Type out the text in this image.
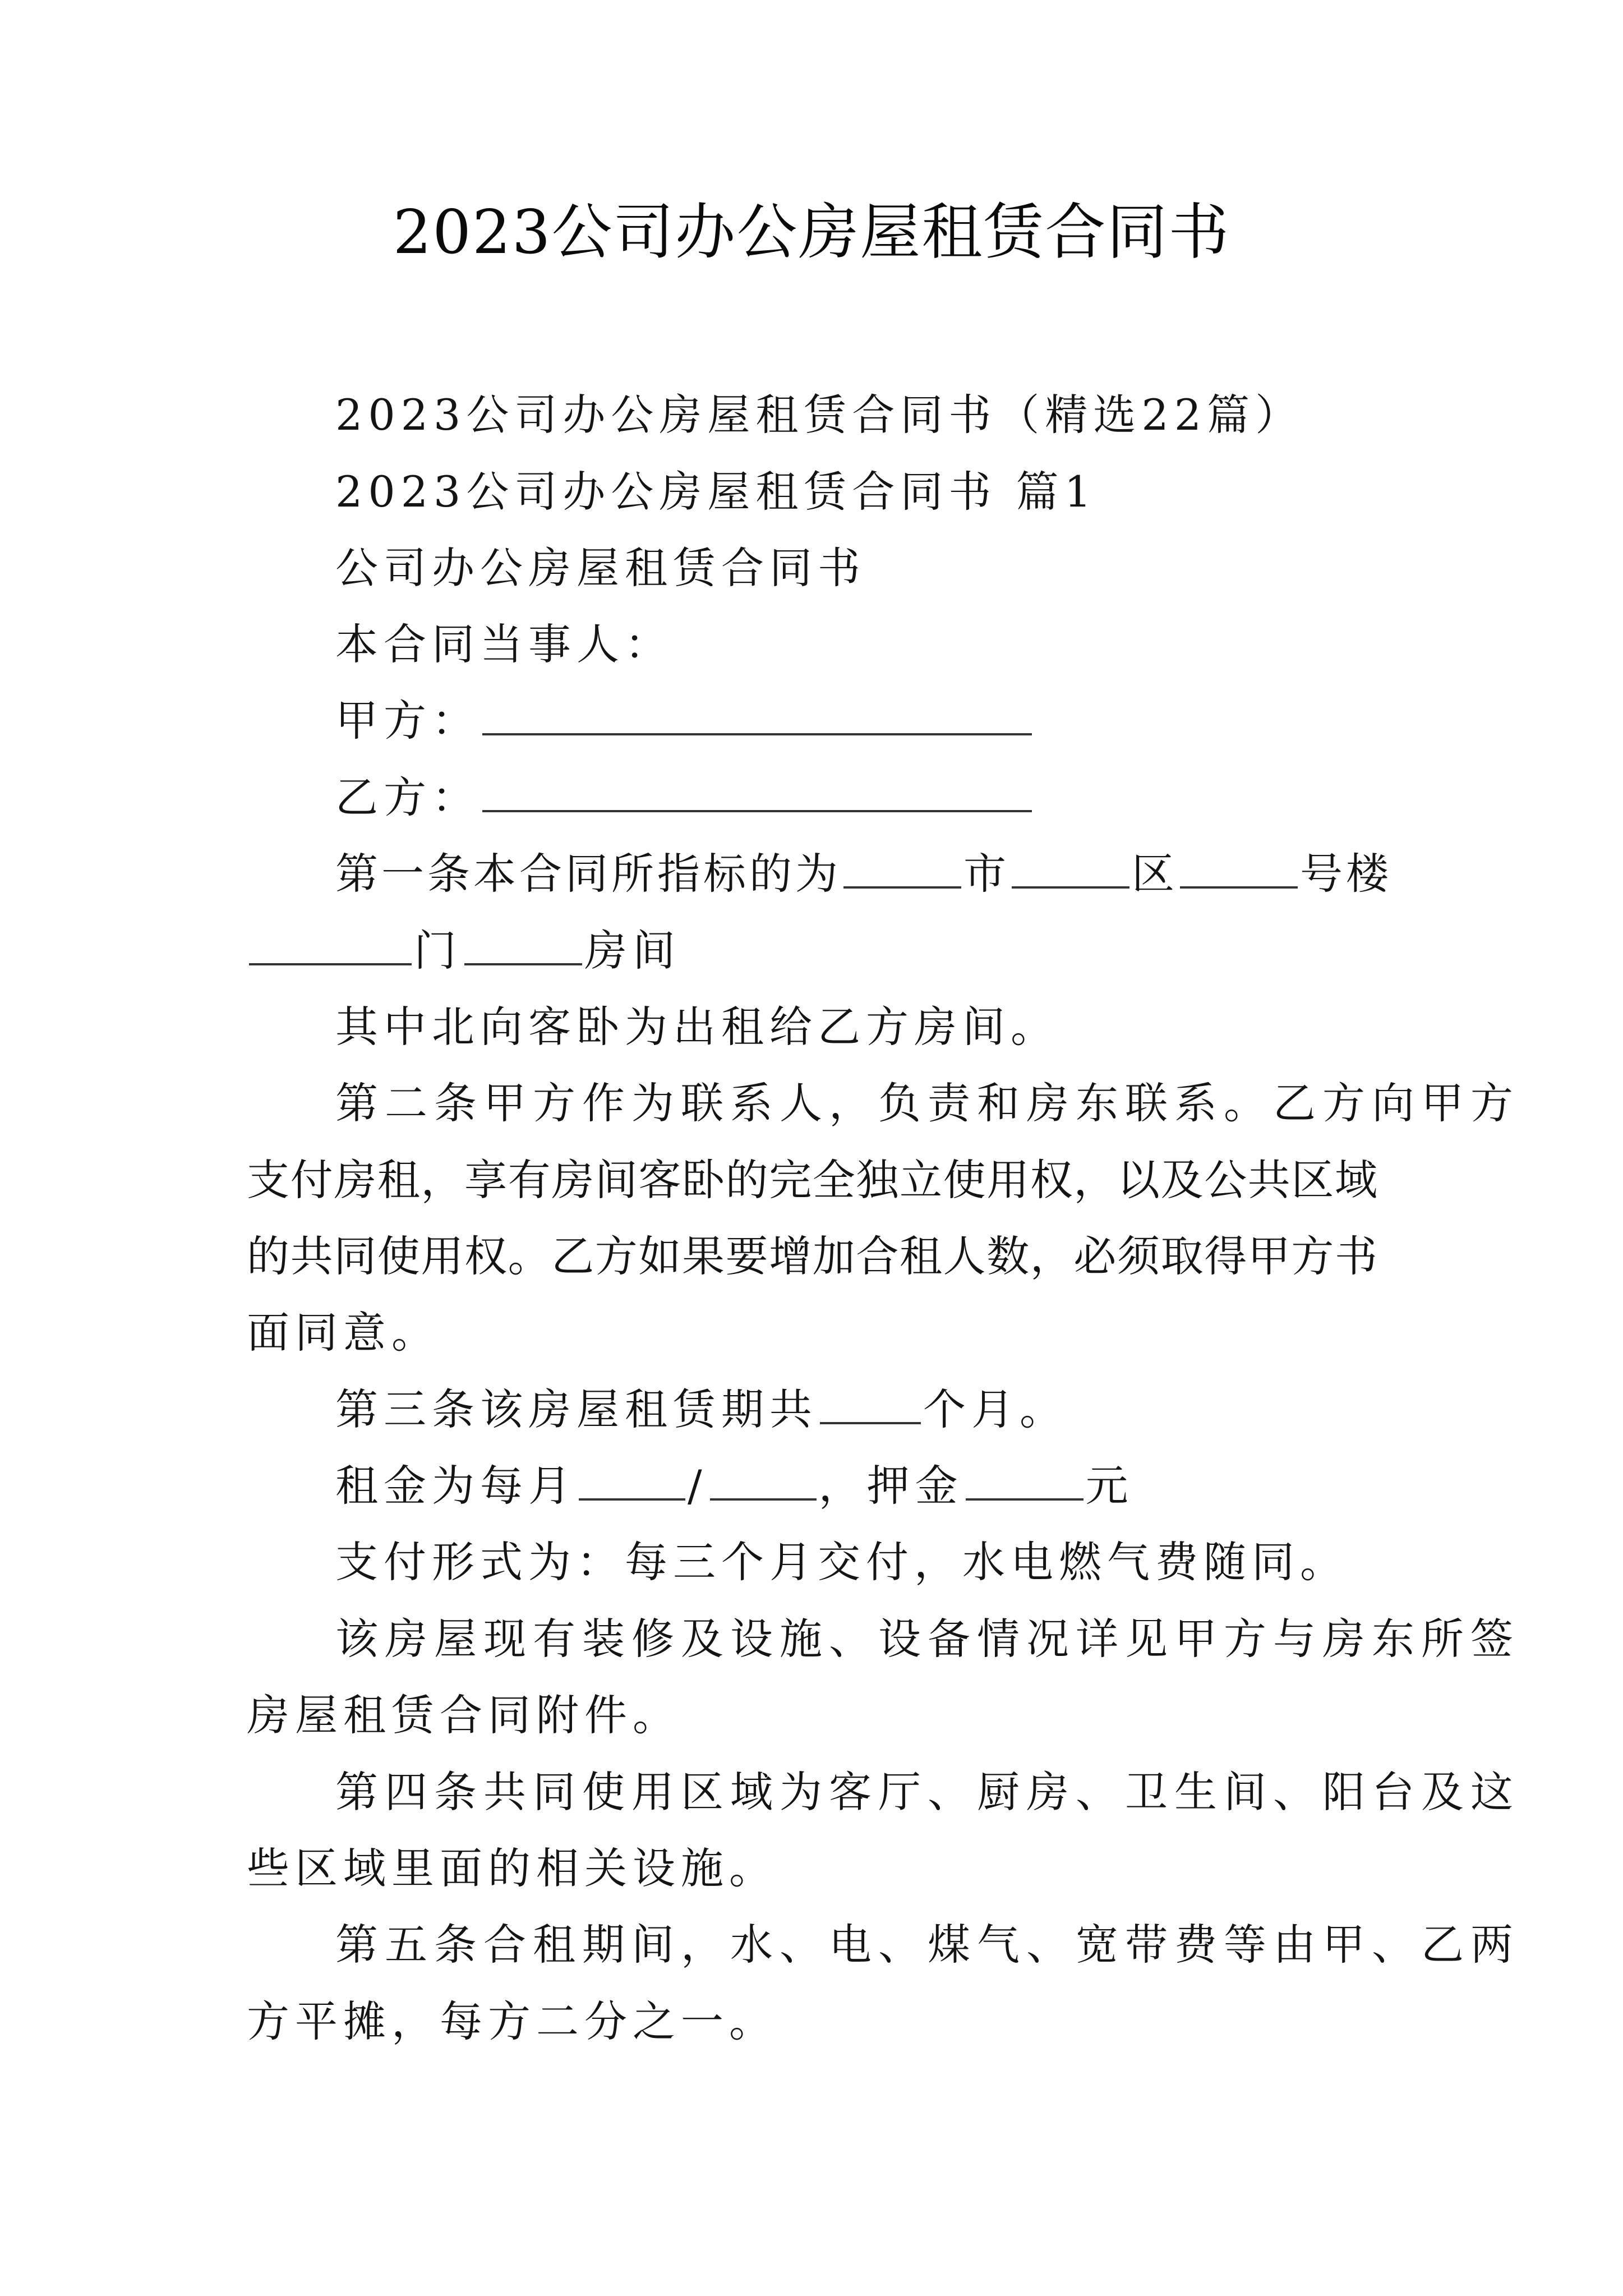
2023公司办公房屋租赁合同书
2023公司办公房屋租赁合同书（精选22篇）
2023公司办公房屋租赁合同书 篇1
公司办公房屋租赁合同书
本合同当事人：
甲方：
乙方：
第一条本合同所指标的为	市	区	号楼
门	房间
其中北向客卧为出租给乙方房间。
第二条甲方作为联系人，负责和房东联系。乙方向甲方
支付房租，享有房间客卧的完全独立使用权，以及公共区域
的共同使用权。乙方如果要增加合租人数，必须取得甲方书
面同意。
第三条该房屋租赁期共 个月。
租金为每月	/	，押金	元
支付形式为：每三个月交付，水电燃气费随同。
该房屋现有装修及设施、设备情况详见甲方与房东所签
房屋租赁合同附件。
第四条共同使用区域为客厅、厨房、卫生间、阳台及这
些区域里面的相关设施。
第五条合租期间，水、电、煤气、宽带费等由甲、乙两
方平摊，每方二分之一。
